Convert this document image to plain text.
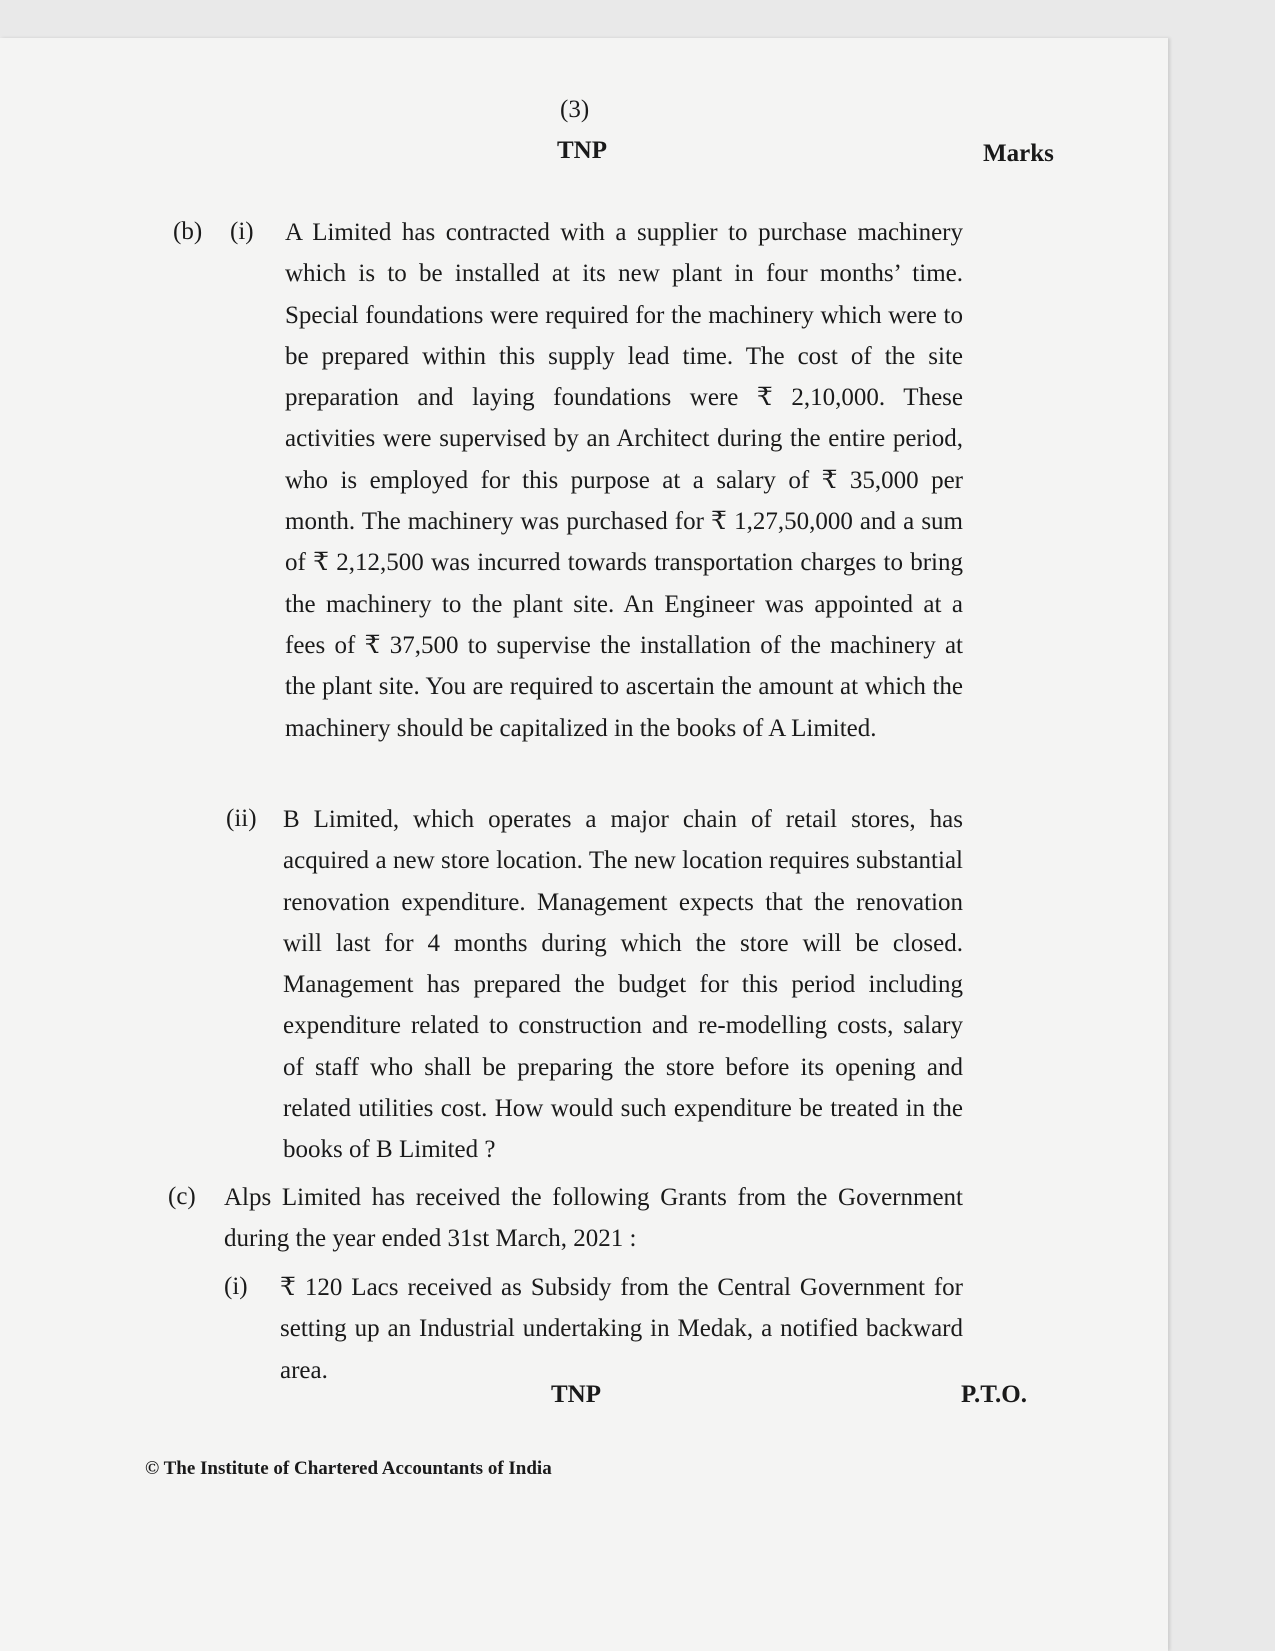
(3)
TNP	Marks
(b) (i) A Limited has contracted with a supplier to purchase machinery which is to be installed at its new plant in four months’ time. Special foundations were required for the machinery which were to be prepared within this supply lead time. The cost of the site preparation and laying foundations were ₹ 2,10,000. These activities were supervised by an Architect during the entire period, who is employed for this purpose at a salary of ₹ 35,000 per month. The machinery was purchased for ₹ 1,27,50,000 and a sum of ₹ 2,12,500 was incurred towards transportation charges to bring the machinery to the plant site. An Engineer was appointed at a fees of ₹ 37,500 to supervise the installation of the machinery at the plant site. You are required to ascertain the amount at which the machinery should be capitalized in the books of A Limited.

(ii) B Limited, which operates a major chain of retail stores, has acquired a new store location. The new location requires substantial renovation expenditure. Management expects that the renovation will last for 4 months during which the store will be closed. Management has prepared the budget for this period including expenditure related to construction and re-modelling costs, salary of staff who shall be preparing the store before its opening and related utilities cost. How would such expenditure be treated in the books of B Limited ?

(c) Alps Limited has received the following Grants from the Government during the year ended 31st March, 2021 :

(i) ₹ 120 Lacs received as Subsidy from the Central Government for setting up an Industrial undertaking in Medak, a notified backward area.

TNP	P.T.O.
© The Institute of Chartered Accountants of India
